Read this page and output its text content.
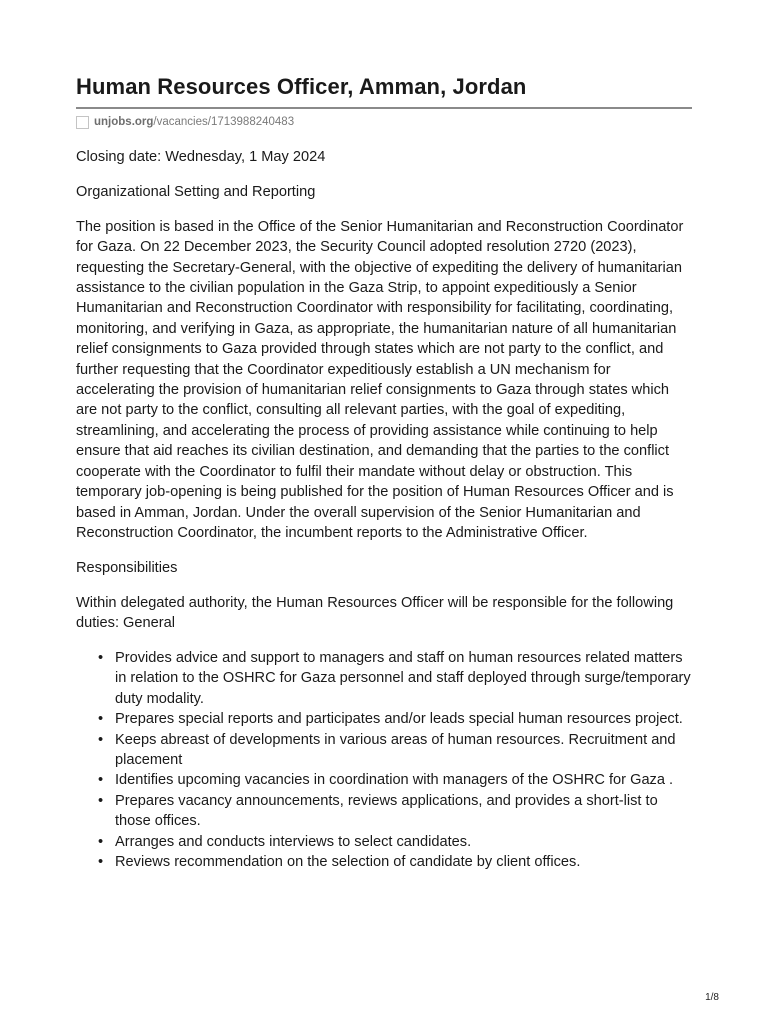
Human Resources Officer, Amman, Jordan
unjobs.org /vacancies/1713988240483

Closing date: Wednesday, 1 May 2024

Organizational Setting and Reporting

The position is based in the Office of the Senior Humanitarian and Reconstruction Coordinator for Gaza. On 22 December 2023, the Security Council adopted resolution 2720 (2023), requesting the Secretary-General, with the objective of expediting the delivery of humanitarian assistance to the civilian population in the Gaza Strip, to appoint expeditiously a Senior Humanitarian and Reconstruction Coordinator with responsibility for facilitating, coordinating, monitoring, and verifying in Gaza, as appropriate, the humanitarian nature of all humanitarian relief consignments to Gaza provided through states which are not party to the conflict, and further requesting that the Coordinator expeditiously establish a UN mechanism for accelerating the provision of humanitarian relief consignments to Gaza through states which are not party to the conflict, consulting all relevant parties, with the goal of expediting, streamlining, and accelerating the process of providing assistance while continuing to help ensure that aid reaches its civilian destination, and demanding that the parties to the conflict cooperate with the Coordinator to fulfil their mandate without delay or obstruction. This temporary job-opening is being published for the position of Human Resources Officer and is based in Amman, Jordan. Under the overall supervision of the Senior Humanitarian and Reconstruction Coordinator, the incumbent reports to the Administrative Officer.

Responsibilities

Within delegated authority, the Human Resources Officer will be responsible for the following duties: General

• Provides advice and support to managers and staff on human resources related matters in relation to the OSHRC for Gaza personnel and staff deployed through surge/temporary duty modality.
• Prepares special reports and participates and/or leads special human resources project.
• Keeps abreast of developments in various areas of human resources. Recruitment and placement
• Identifies upcoming vacancies in coordination with managers of the OSHRC for Gaza .
• Prepares vacancy announcements, reviews applications, and provides a short-list to those offices.
• Arranges and conducts interviews to select candidates.
• Reviews recommendation on the selection of candidate by client offices.
1/8
